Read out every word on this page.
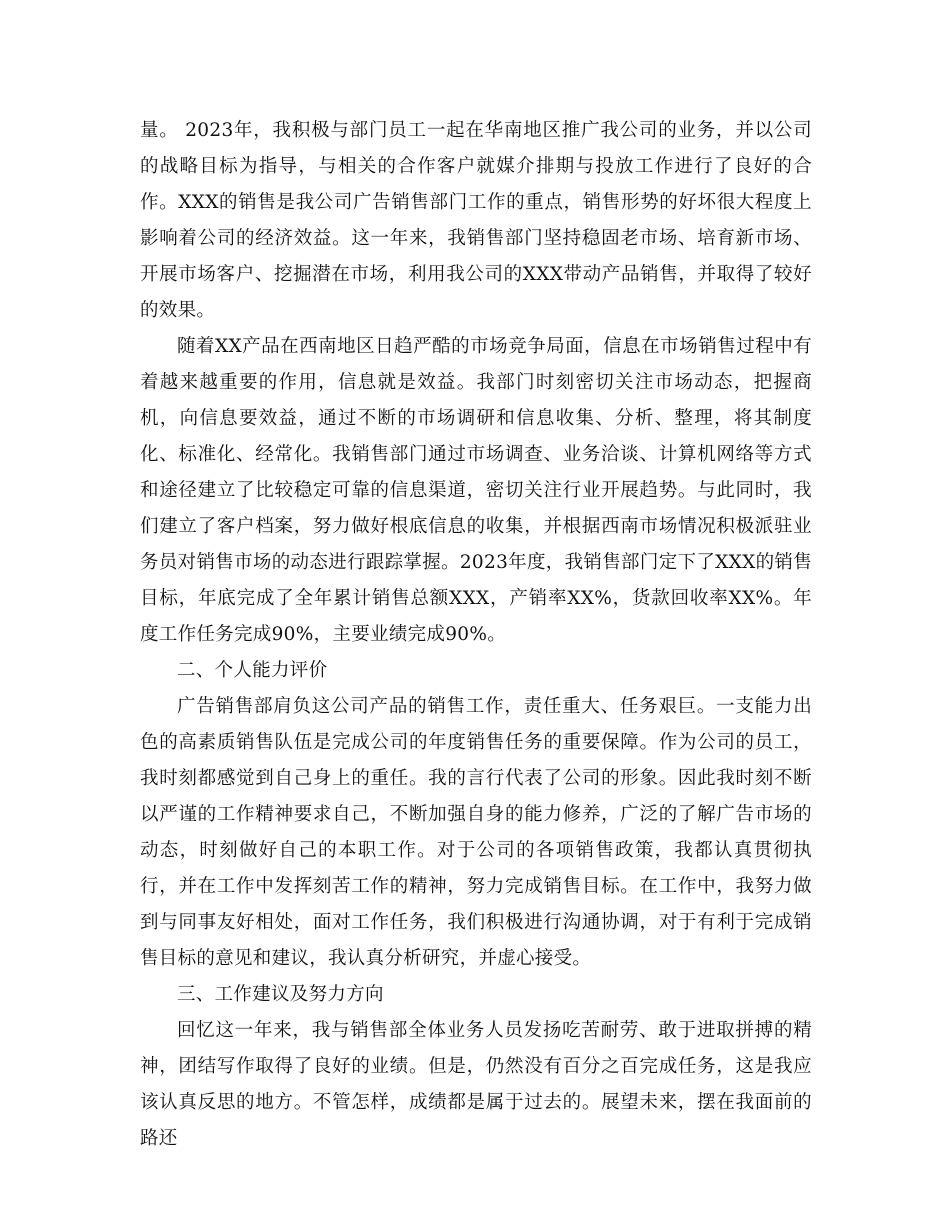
量。 2023年，我积极与部门员工一起在华南地区推广我公司的业务，并以公司的战略目标为指导，与相关的合作客户就媒介排期与投放工作进行了良好的合作。XXX的销售是我公司广告销售部门工作的重点，销售形势的好坏很大程度上影响着公司的经济效益。这一年来，我销售部门坚持稳固老市场、培育新市场、开展市场客户、挖掘潜在市场，利用我公司的XXX带动产品销售，并取得了较好的效果。

随着XX产品在西南地区日趋严酷的市场竞争局面，信息在市场销售过程中有着越来越重要的作用，信息就是效益。我部门时刻密切关注市场动态，把握商机，向信息要效益，通过不断的市场调研和信息收集、分析、整理，将其制度化、标准化、经常化。我销售部门通过市场调查、业务洽谈、计算机网络等方式和途径建立了比较稳定可靠的信息渠道，密切关注行业开展趋势。与此同时，我们建立了客户档案，努力做好根底信息的收集，并根据西南市场情况积极派驻业务员对销售市场的动态进行跟踪掌握。2023年度，我销售部门定下了XXX的销售目标，年底完成了全年累计销售总额XXX，产销率XX%，货款回收率XX%。年度工作任务完成90%，主要业绩完成90%。

二、个人能力评价

广告销售部肩负这公司产品的销售工作，责任重大、任务艰巨。一支能力出色的高素质销售队伍是完成公司的年度销售任务的重要保障。作为公司的员工，我时刻都感觉到自己身上的重任。我的言行代表了公司的形象。因此我时刻不断以严谨的工作精神要求自己，不断加强自身的能力修养，广泛的了解广告市场的动态，时刻做好自己的本职工作。对于公司的各项销售政策，我都认真贯彻执行，并在工作中发挥刻苦工作的精神，努力完成销售目标。在工作中，我努力做到与同事友好相处，面对工作任务，我们积极进行沟通协调，对于有利于完成销售目标的意见和建议，我认真分析研究，并虚心接受。

三、工作建议及努力方向

回忆这一年来，我与销售部全体业务人员发扬吃苦耐劳、敢于进取拼搏的精神，团结写作取得了良好的业绩。但是，仍然没有百分之百完成任务，这是我应该认真反思的地方。不管怎样，成绩都是属于过去的。展望未来，摆在我面前的路还
